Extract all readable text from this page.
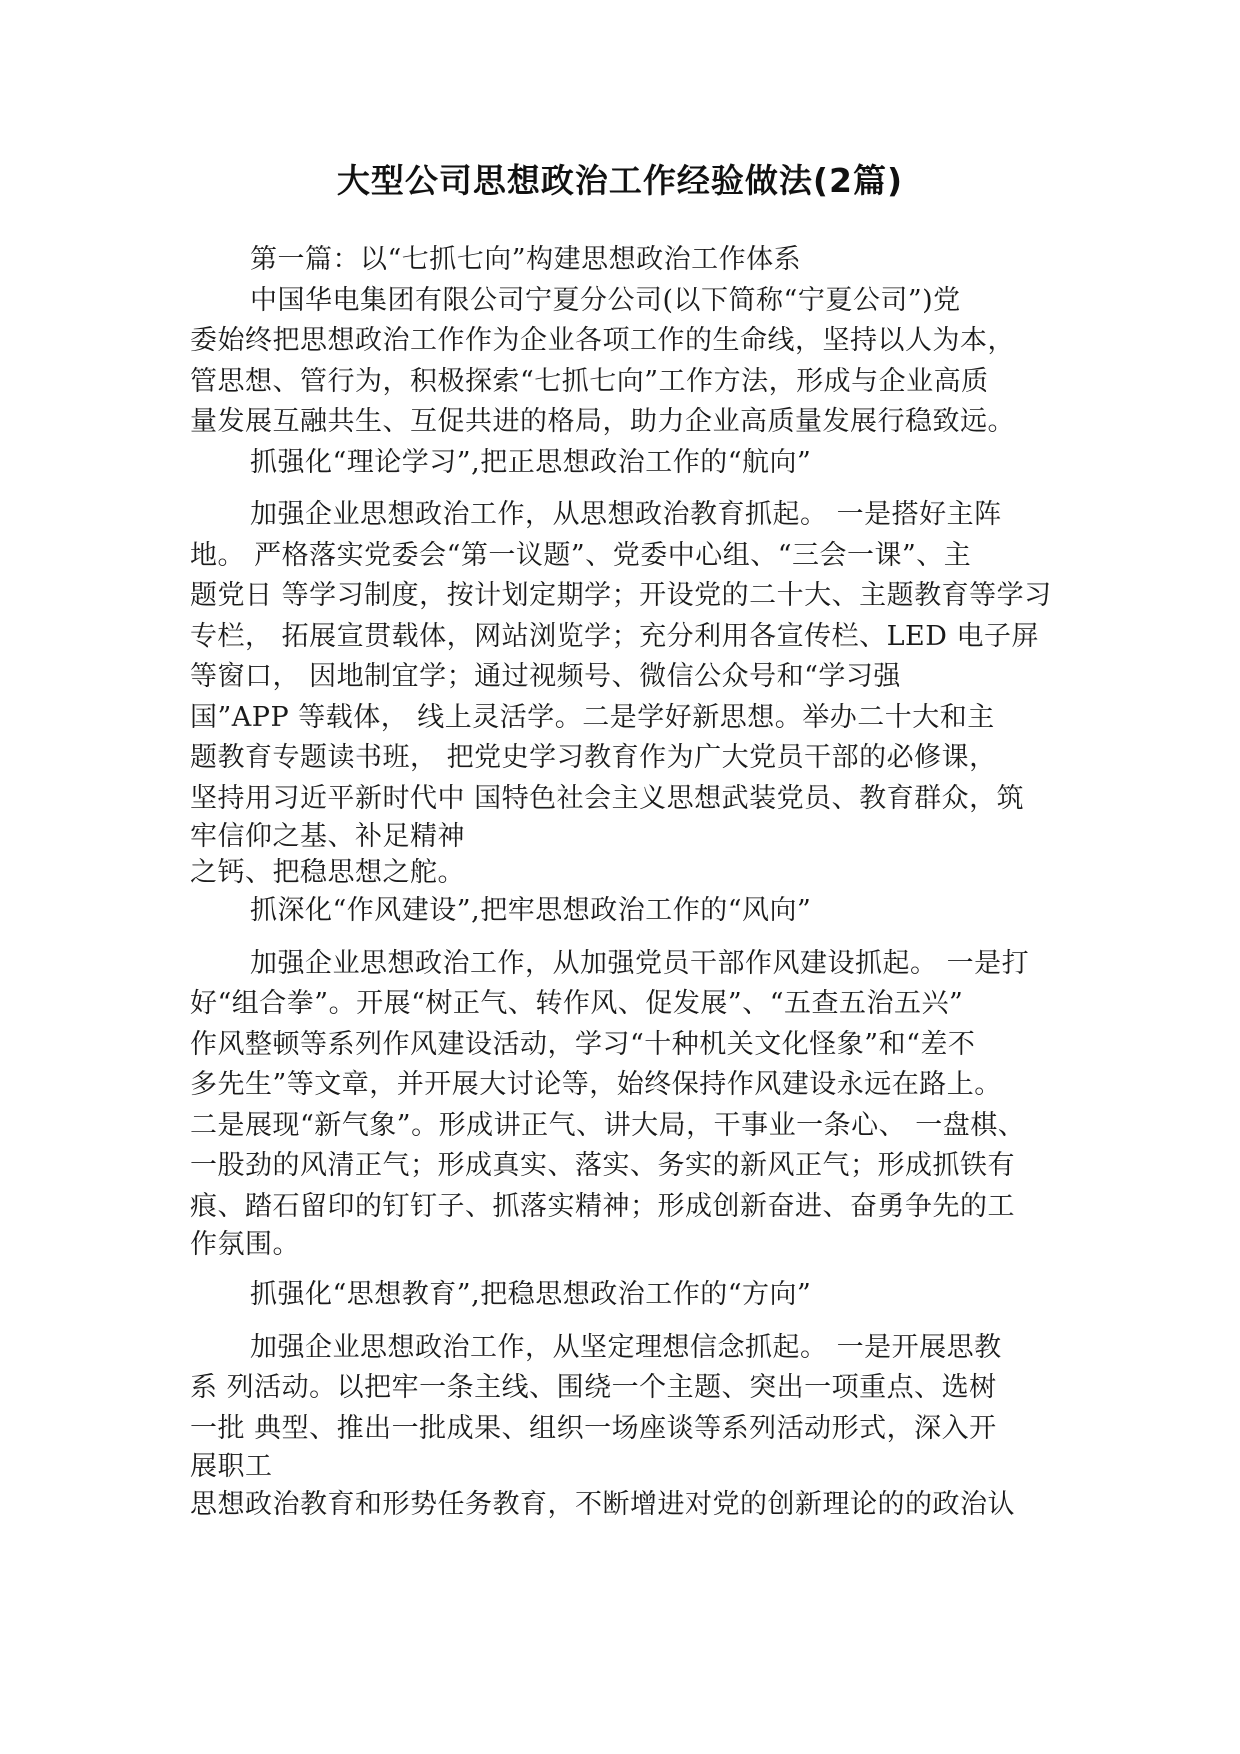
大型公司思想政治工作经验做法(2篇)
第一篇：以“七抓七向”构建思想政治工作体系
中国华电集团有限公司宁夏分公司(以下简称“宁夏公司”)党
委始终把思想政治工作作为企业各项工作的生命线，坚持以人为本，
管思想、管行为，积极探索“七抓七向”工作方法，形成与企业高质
量发展互融共生、互促共进的格局，助力企业高质量发展行稳致远。
抓强化“理论学习”,把正思想政治工作的“航向”
加强企业思想政治工作，从思想政治教育抓起。 一是搭好主阵
地。 严格落实党委会“第一议题”、党委中心组、“三会一课”、主
题党日 等学习制度，按计划定期学；开设党的二十大、主题教育等学习
专栏， 拓展宣贯载体，网站浏览学；充分利用各宣传栏、LED 电子屏
等窗口， 因地制宜学；通过视频号、微信公众号和“学习强
国”APP 等载体， 线上灵活学。二是学好新思想。举办二十大和主
题教育专题读书班， 把党史学习教育作为广大党员干部的必修课，
坚持用习近平新时代中 国特色社会主义思想武装党员、教育群众，筑
牢信仰之基、补足精神
之钙、把稳思想之舵。
抓深化“作风建设”,把牢思想政治工作的“风向”
加强企业思想政治工作，从加强党员干部作风建设抓起。 一是打
好“组合拳”。开展“树正气、转作风、促发展”、“五查五治五兴”
作风整顿等系列作风建设活动，学习“十种机关文化怪象”和“差不
多先生”等文章，并开展大讨论等，始终保持作风建设永远在路上。
二是展现“新气象”。形成讲正气、讲大局，干事业一条心、 一盘棋、
一股劲的风清正气；形成真实、落实、务实的新风正气；形成抓铁有
痕、踏石留印的钉钉子、抓落实精神；形成创新奋进、奋勇争先的工
作氛围。
抓强化“思想教育”,把稳思想政治工作的“方向”
加强企业思想政治工作，从坚定理想信念抓起。 一是开展思教
系 列活动。以把牢一条主线、围绕一个主题、突出一项重点、选树
一批 典型、推出一批成果、组织一场座谈等系列活动形式，深入开
展职工
思想政治教育和形势任务教育，不断增进对党的创新理论的的政治认
